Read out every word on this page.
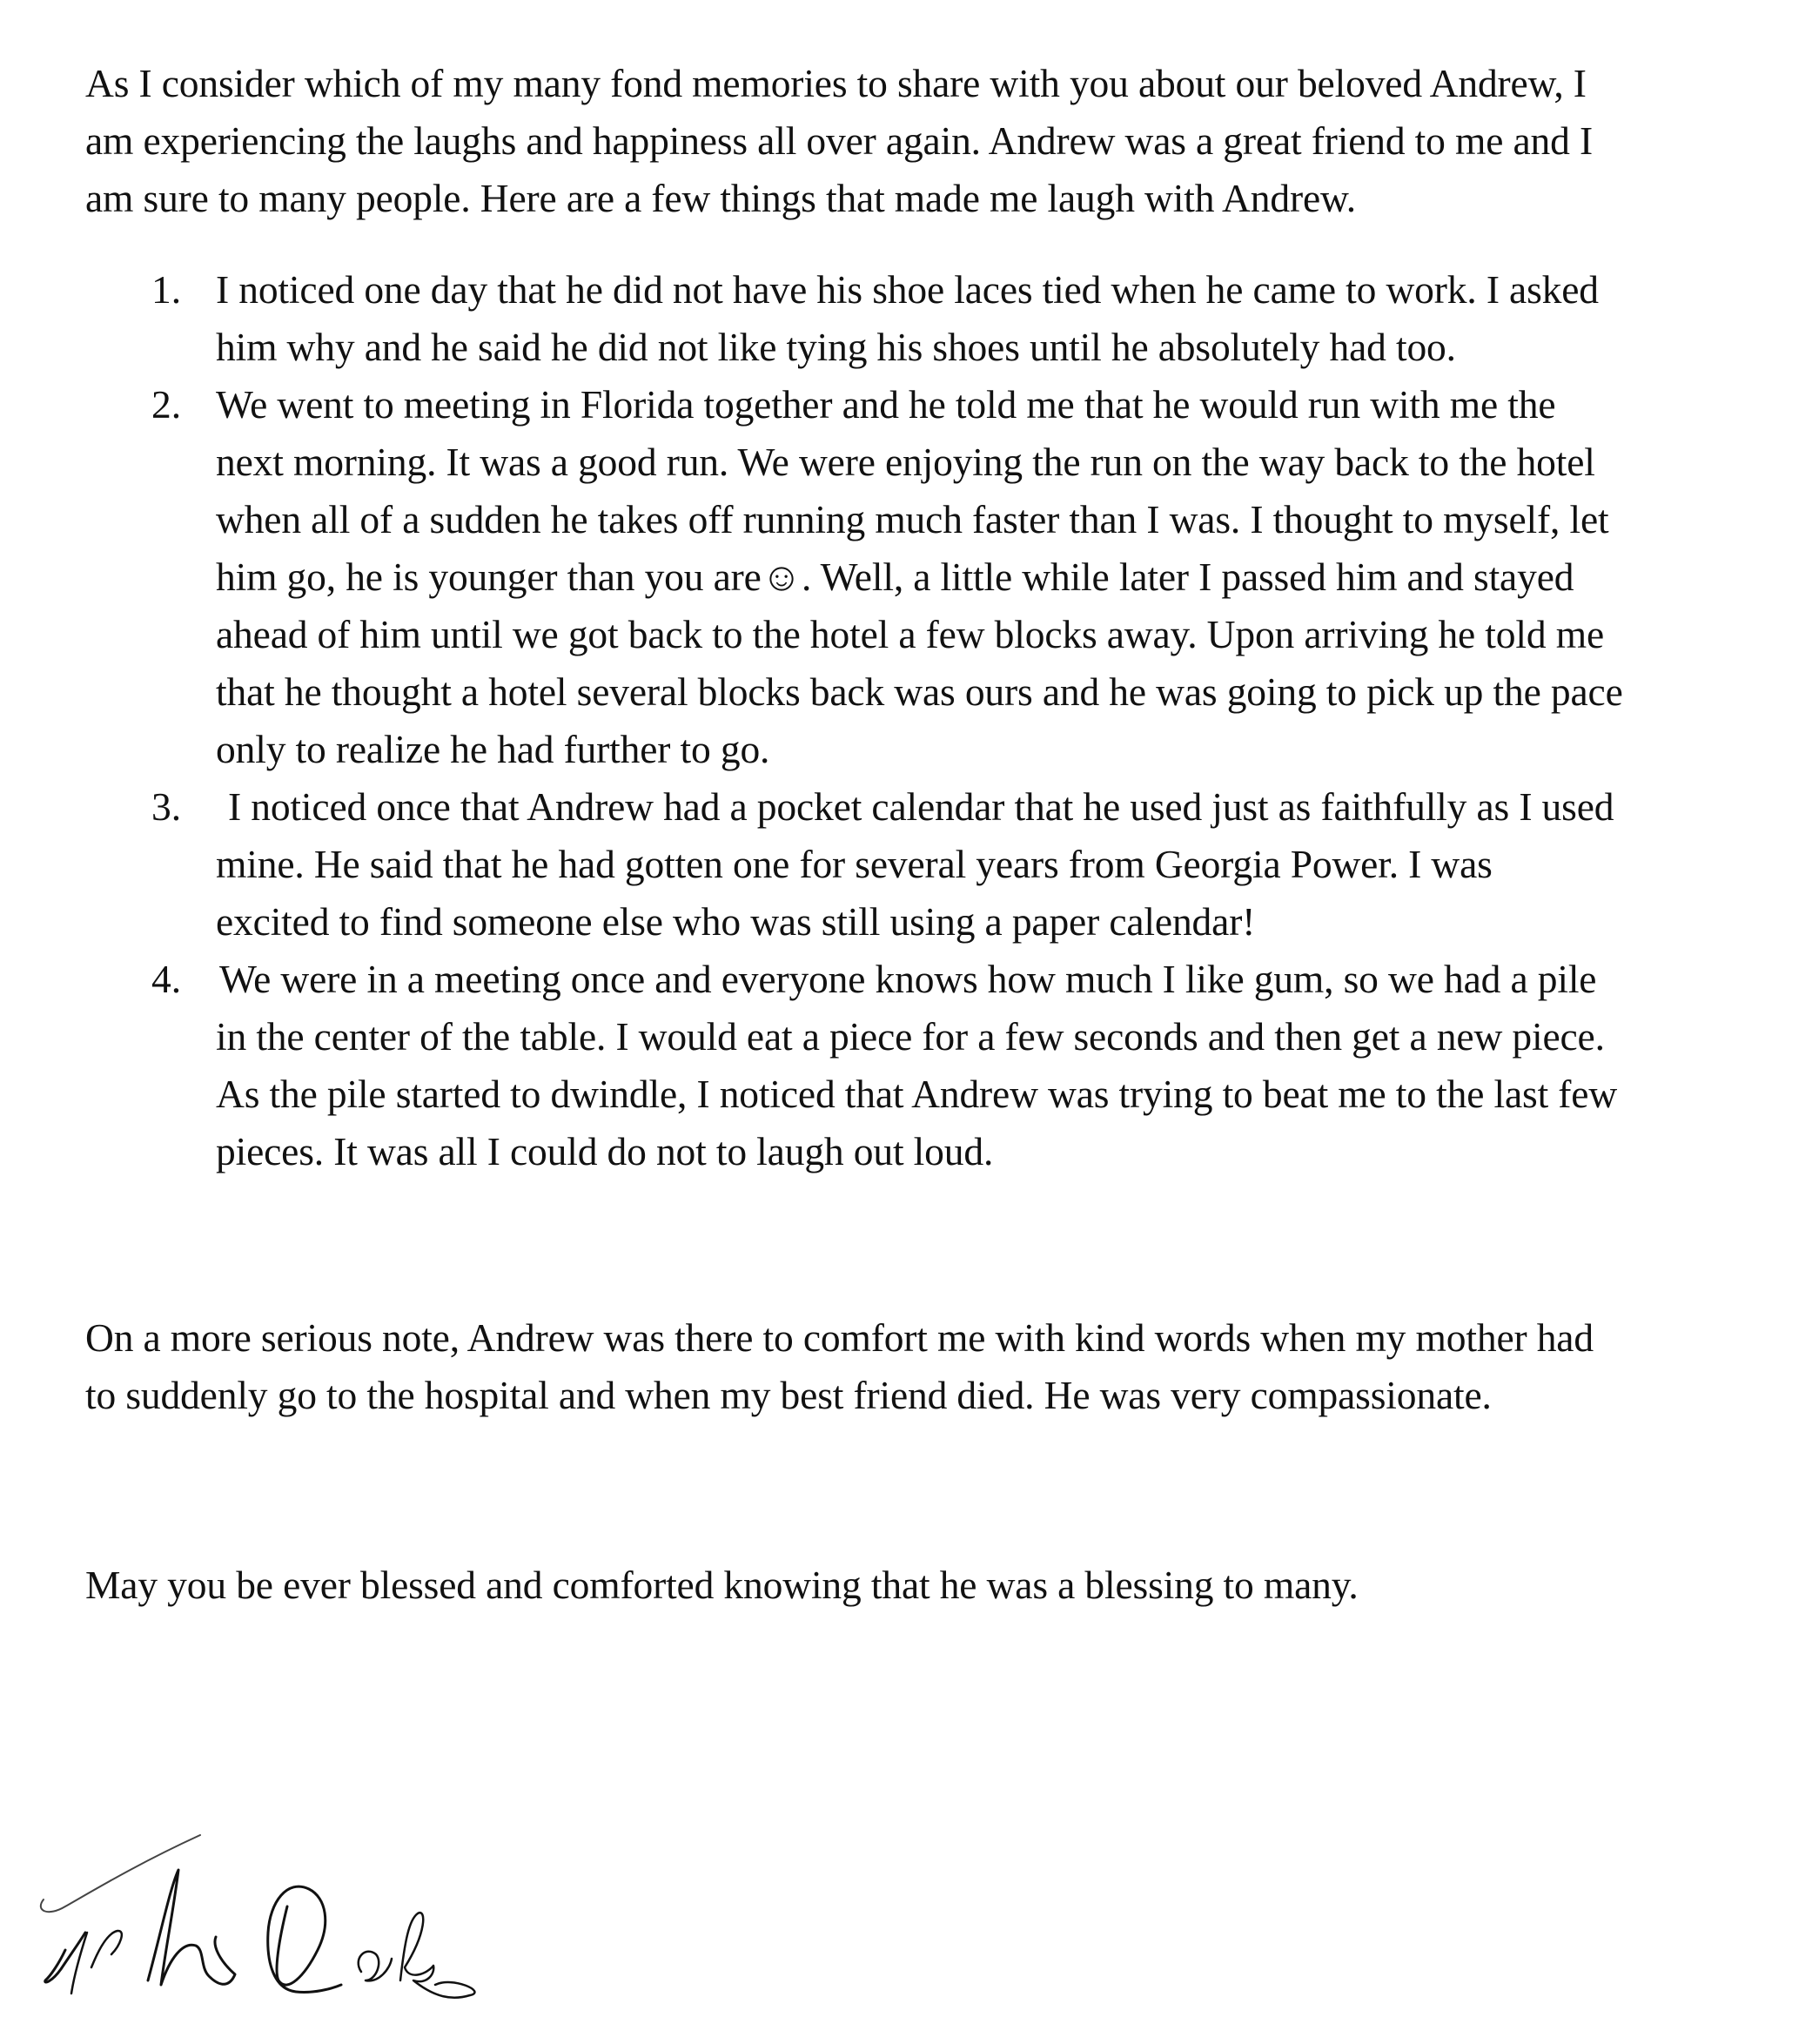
As I consider which of my many fond memories to share with you about our beloved Andrew, I
am experiencing the laughs and happiness all over again. Andrew was a great friend to me and I
am sure to many people. Here are a few things that made me laugh with Andrew.
1. I noticed one day that he did not have his shoe laces tied when he came to work. I asked
him why and he said he did not like tying his shoes until he absolutely had too.
2. We went to meeting in Florida together and he told me that he would run with me the
next morning. It was a good run. We were enjoying the run on the way back to the hotel
when all of a sudden he takes off running much faster than I was. I thought to myself, let
him go, he is younger than you are☺. Well, a little while later I passed him and stayed
ahead of him until we got back to the hotel a few blocks away. Upon arriving he told me
that he thought a hotel several blocks back was ours and he was going to pick up the pace
only to realize he had further to go.
3. I noticed once that Andrew had a pocket calendar that he used just as faithfully as I used
mine. He said that he had gotten one for several years from Georgia Power. I was
excited to find someone else who was still using a paper calendar!
4. We were in a meeting once and everyone knows how much I like gum, so we had a pile
in the center of the table. I would eat a piece for a few seconds and then get a new piece.
As the pile started to dwindle, I noticed that Andrew was trying to beat me to the last few
pieces. It was all I could do not to laugh out loud.
On a more serious note, Andrew was there to comfort me with kind words when my mother had
to suddenly go to the hospital and when my best friend died. He was very compassionate.
May you be ever blessed and comforted knowing that he was a blessing to many.
